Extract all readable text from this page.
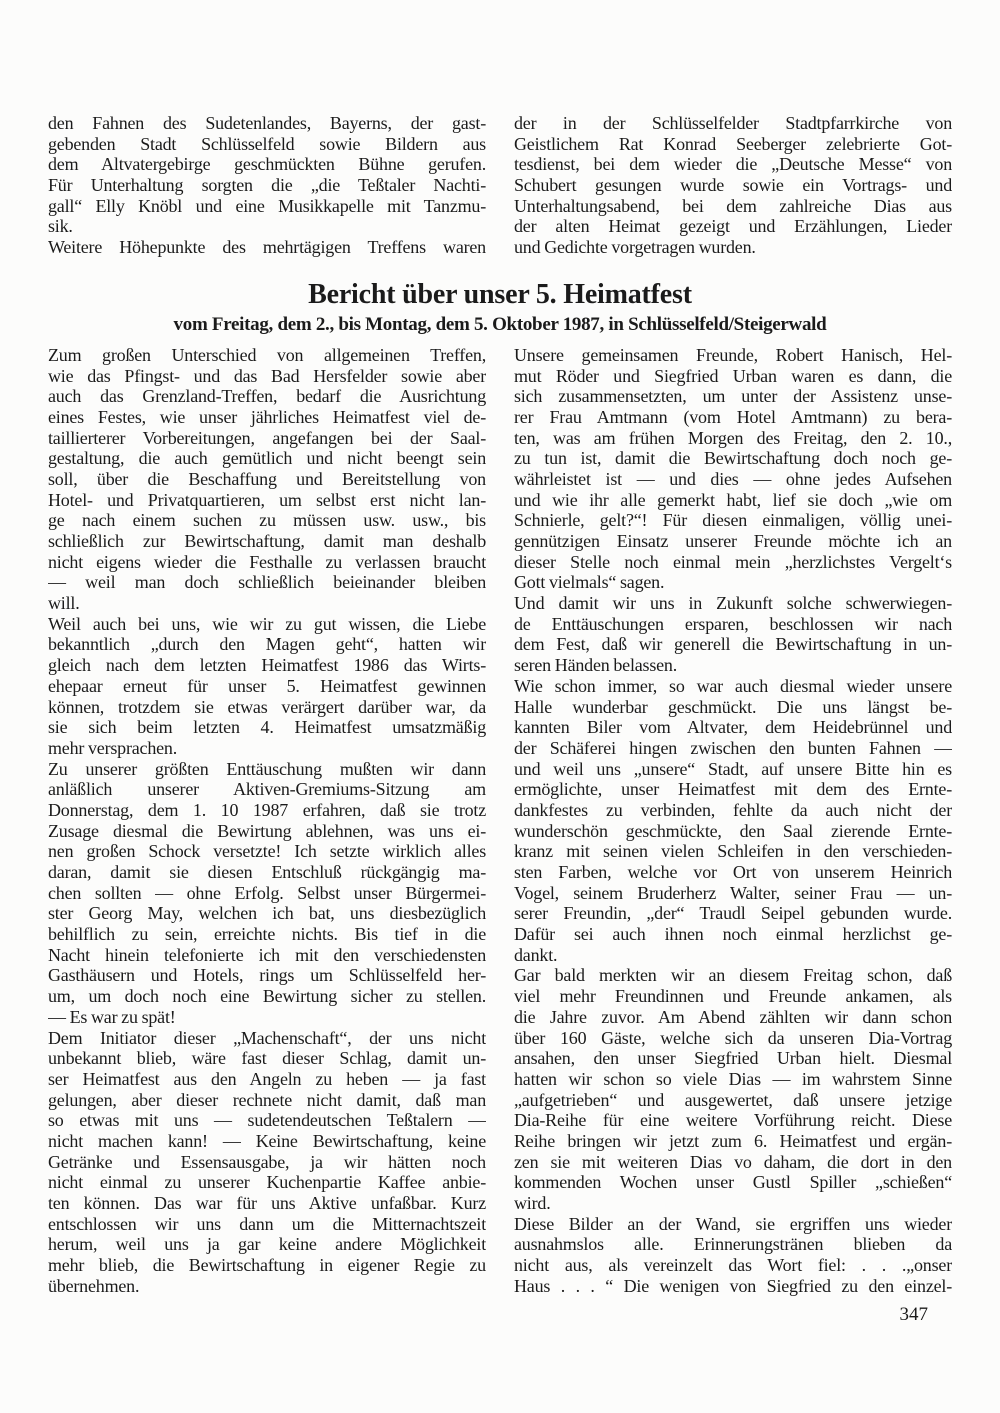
den Fahnen des Sudetenlandes, Bayerns, der gast-
gebenden Stadt Schlüsselfeld sowie Bildern aus
dem Altvatergebirge geschmückten Bühne gerufen.
Für Unterhaltung sorgten die „die Teßtaler Nachti-
gall“ Elly Knöbl und eine Musikkapelle mit Tanzmu-
sik.
Weitere Höhepunkte des mehrtägigen Treffens waren
der in der Schlüsselfelder Stadtpfarrkirche von
Geistlichem Rat Konrad Seeberger zelebrierte Got-
tesdienst, bei dem wieder die „Deutsche Messe“ von
Schubert gesungen wurde sowie ein Vortrags- und
Unterhaltungsabend, bei dem zahlreiche Dias aus
der alten Heimat gezeigt und Erzählungen, Lieder
und Gedichte vorgetragen wurden.
Bericht über unser 5. Heimatfest
vom Freitag, dem 2., bis Montag, dem 5. Oktober 1987, in Schlüsselfeld/Steigerwald
Zum großen Unterschied von allgemeinen Treffen,
wie das Pfingst- und das Bad Hersfelder sowie aber
auch das Grenzland-Treffen, bedarf die Ausrichtung
eines Festes, wie unser jährliches Heimatfest viel de-
taillierterer Vorbereitungen, angefangen bei der Saal-
gestaltung, die auch gemütlich und nicht beengt sein
soll, über die Beschaffung und Bereitstellung von
Hotel- und Privatquartieren, um selbst erst nicht lan-
ge nach einem suchen zu müssen usw. usw., bis
schließlich zur Bewirtschaftung, damit man deshalb
nicht eigens wieder die Festhalle zu verlassen braucht
— weil man doch schließlich beieinander bleiben
will.
Weil auch bei uns, wie wir zu gut wissen, die Liebe
bekanntlich „durch den Magen geht“, hatten wir
gleich nach dem letzten Heimatfest 1986 das Wirts-
ehepaar erneut für unser 5. Heimatfest gewinnen
können, trotzdem sie etwas verärgert darüber war, da
sie sich beim letzten 4. Heimatfest umsatzmäßig
mehr versprachen.
Zu unserer größten Enttäuschung mußten wir dann
anläßlich unserer Aktiven-Gremiums-Sitzung am
Donnerstag, dem 1. 10 1987 erfahren, daß sie trotz
Zusage diesmal die Bewirtung ablehnen, was uns ei-
nen großen Schock versetzte! Ich setzte wirklich alles
daran, damit sie diesen Entschluß rückgängig ma-
chen sollten — ohne Erfolg. Selbst unser Bürgermei-
ster Georg May, welchen ich bat, uns diesbezüglich
behilflich zu sein, erreichte nichts. Bis tief in die
Nacht hinein telefonierte ich mit den verschiedensten
Gasthäusern und Hotels, rings um Schlüsselfeld her-
um, um doch noch eine Bewirtung sicher zu stellen.
— Es war zu spät!
Dem Initiator dieser „Machenschaft“, der uns nicht
unbekannt blieb, wäre fast dieser Schlag, damit un-
ser Heimatfest aus den Angeln zu heben — ja fast
gelungen, aber dieser rechnete nicht damit, daß man
so etwas mit uns — sudetendeutschen Teßtalern —
nicht machen kann! — Keine Bewirtschaftung, keine
Getränke und Essensausgabe, ja wir hätten noch
nicht einmal zu unserer Kuchenpartie Kaffee anbie-
ten können. Das war für uns Aktive unfaßbar. Kurz
entschlossen wir uns dann um die Mitternachtszeit
herum, weil uns ja gar keine andere Möglichkeit
mehr blieb, die Bewirtschaftung in eigener Regie zu
übernehmen.
Unsere gemeinsamen Freunde, Robert Hanisch, Hel-
mut Röder und Siegfried Urban waren es dann, die
sich zusammensetzten, um unter der Assistenz unse-
rer Frau Amtmann (vom Hotel Amtmann) zu bera-
ten, was am frühen Morgen des Freitag, den 2. 10.,
zu tun ist, damit die Bewirtschaftung doch noch ge-
währleistet ist — und dies — ohne jedes Aufsehen
und wie ihr alle gemerkt habt, lief sie doch „wie om
Schnierle, gelt?“! Für diesen einmaligen, völlig unei-
gennützigen Einsatz unserer Freunde möchte ich an
dieser Stelle noch einmal mein „herzlichstes Vergelt‘s
Gott vielmals“ sagen.
Und damit wir uns in Zukunft solche schwerwiegen-
de Enttäuschungen ersparen, beschlossen wir nach
dem Fest, daß wir generell die Bewirtschaftung in un-
seren Händen belassen.
Wie schon immer, so war auch diesmal wieder unsere
Halle wunderbar geschmückt. Die uns längst be-
kannten Biler vom Altvater, dem Heidebrünnel und
der Schäferei hingen zwischen den bunten Fahnen —
und weil uns „unsere“ Stadt, auf unsere Bitte hin es
ermöglichte, unser Heimatfest mit dem des Ernte-
dankfestes zu verbinden, fehlte da auch nicht der
wunderschön geschmückte, den Saal zierende Ernte-
kranz mit seinen vielen Schleifen in den verschieden-
sten Farben, welche vor Ort von unserem Heinrich
Vogel, seinem Bruderherz Walter, seiner Frau — un-
serer Freundin, „der“ Traudl Seipel gebunden wurde.
Dafür sei auch ihnen noch einmal herzlichst ge-
dankt.
Gar bald merkten wir an diesem Freitag schon, daß
viel mehr Freundinnen und Freunde ankamen, als
die Jahre zuvor. Am Abend zählten wir dann schon
über 160 Gäste, welche sich da unseren Dia-Vortrag
ansahen, den unser Siegfried Urban hielt. Diesmal
hatten wir schon so viele Dias — im wahrstem Sinne
„aufgetrieben“ und ausgewertet, daß unsere jetzige
Dia-Reihe für eine weitere Vorführung reicht. Diese
Reihe bringen wir jetzt zum 6. Heimatfest und ergän-
zen sie mit weiteren Dias vo daham, die dort in den
kommenden Wochen unser Gustl Spiller „schießen“
wird.
Diese Bilder an der Wand, sie ergriffen uns wieder
ausnahmslos alle. Erinnerungstränen blieben da
nicht aus, als vereinzelt das Wort fiel: . . .„onser
Haus . . . “ Die wenigen von Siegfried zu den einzel-
347
